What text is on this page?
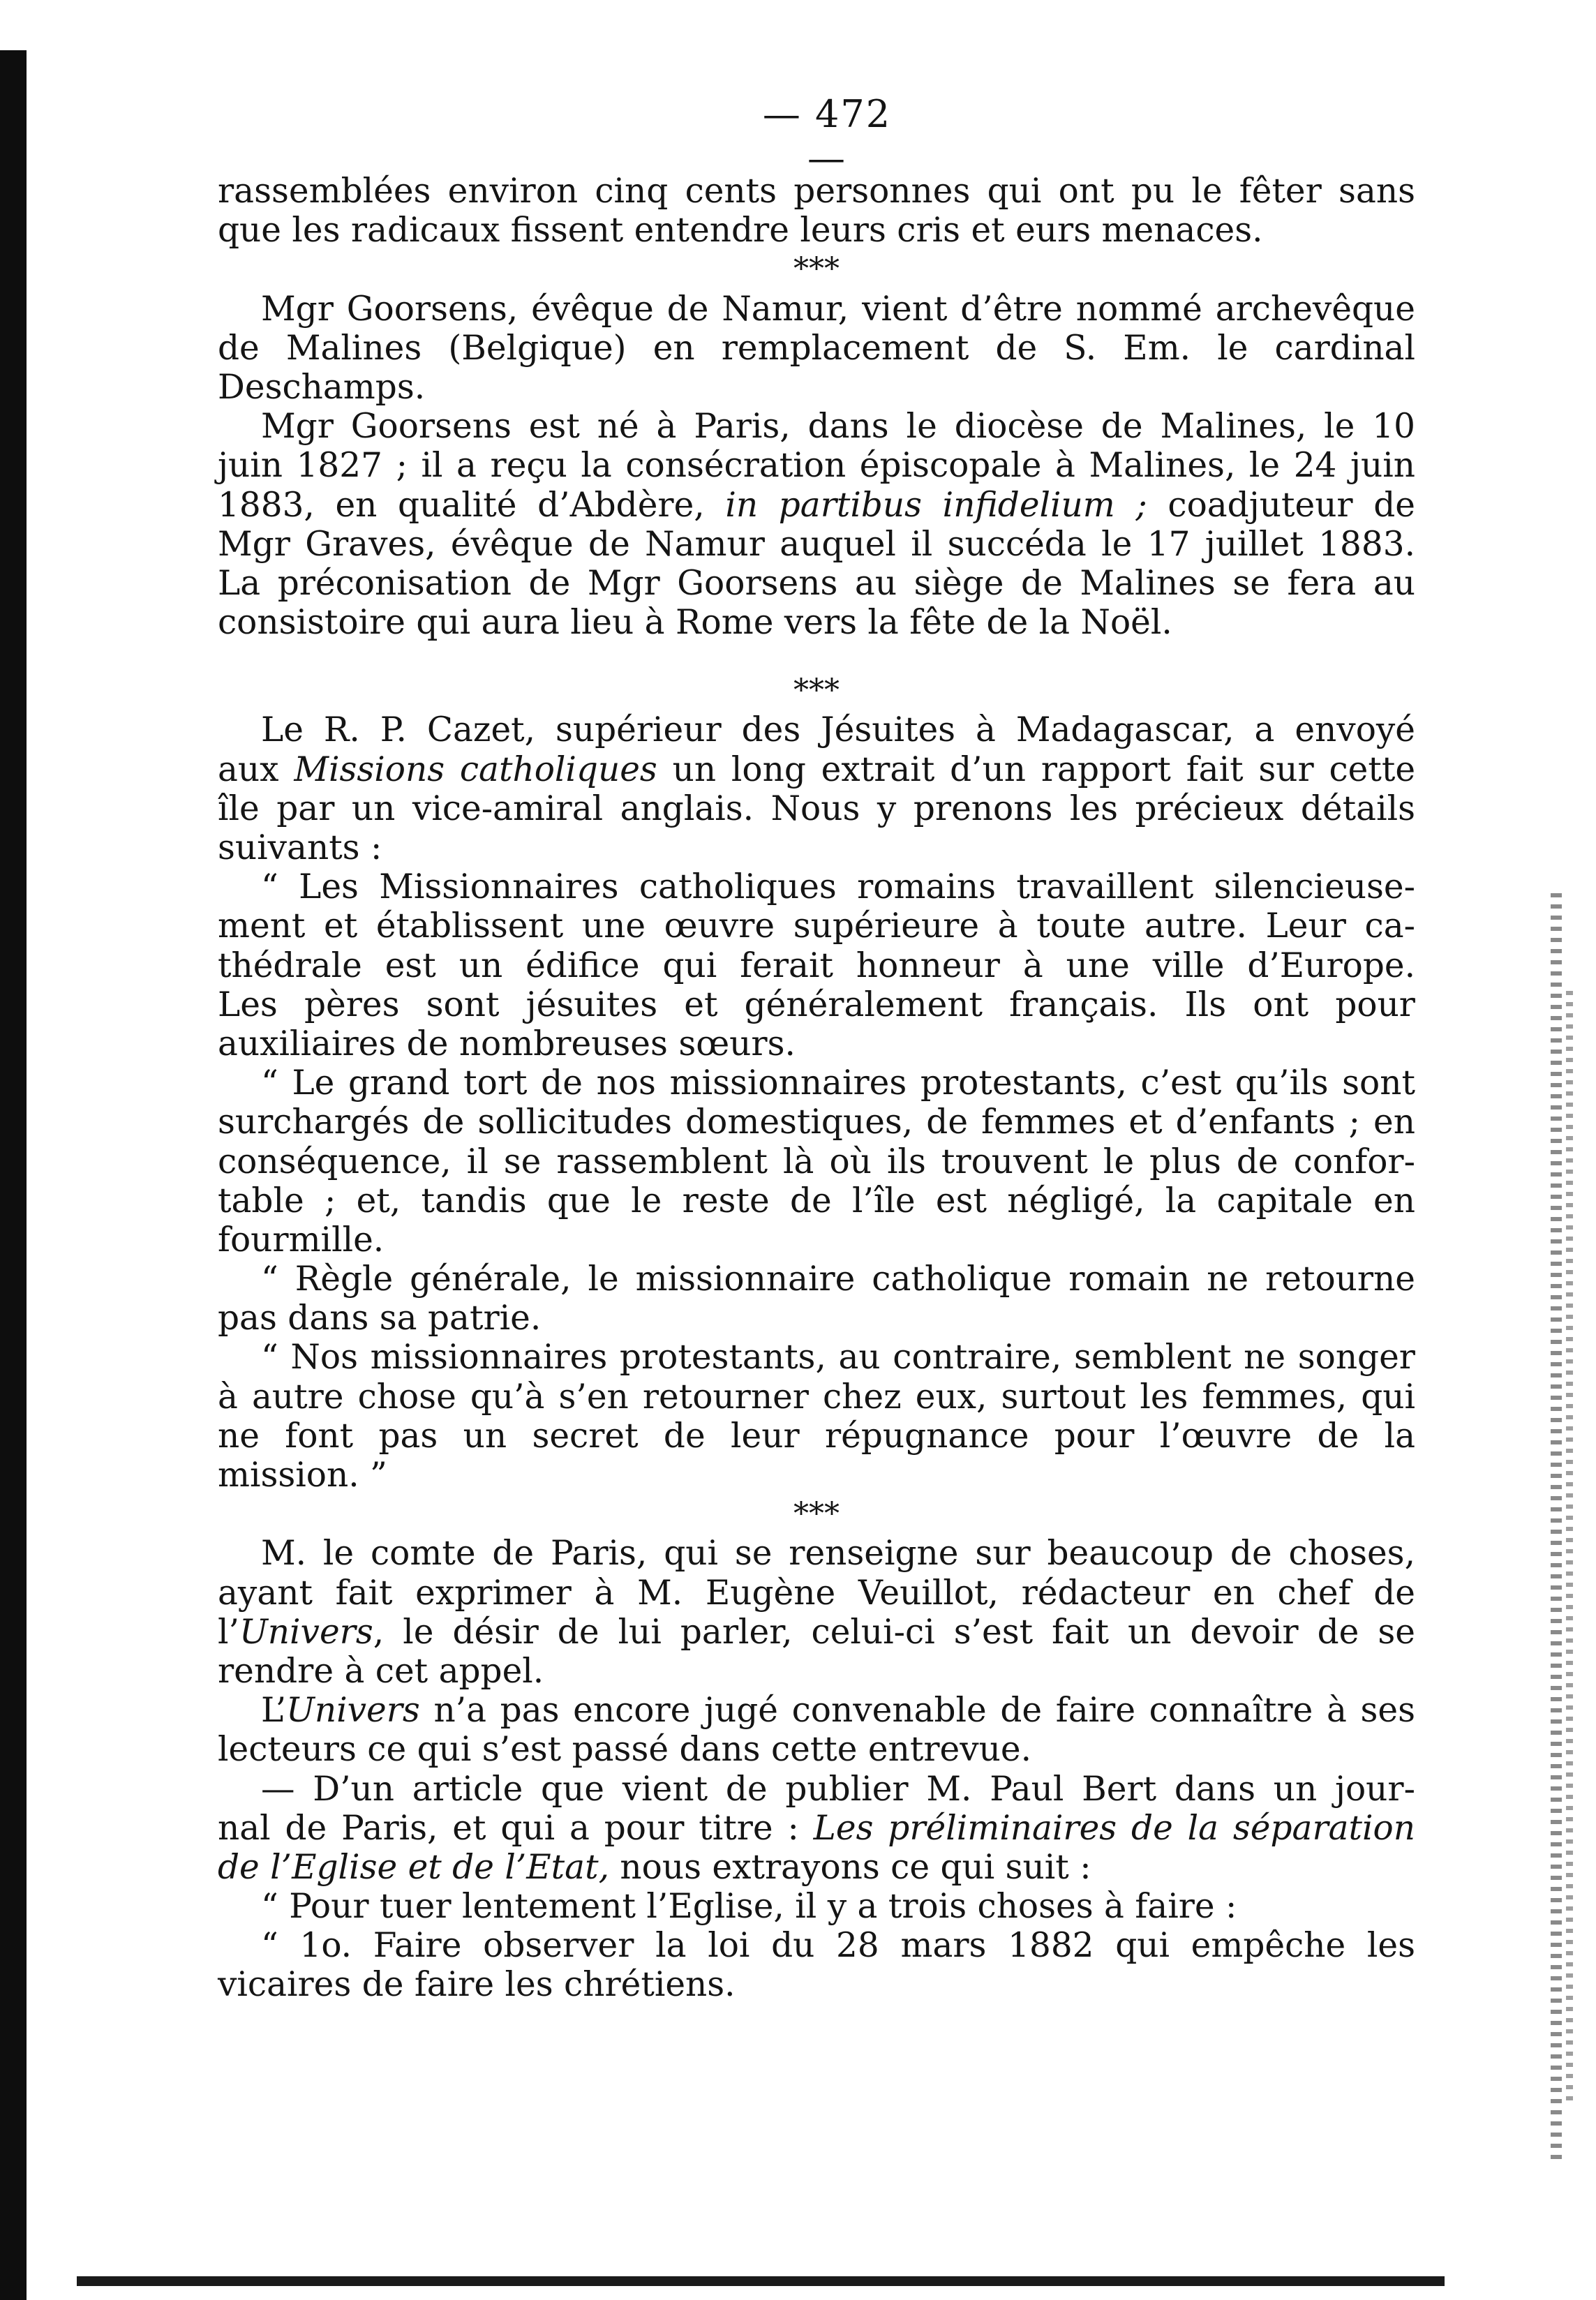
— 472 —
rassemblées environ cinq cents personnes qui ont pu le fêter sans
que les radicaux fissent entendre leurs cris et eurs menaces.
***
Mgr Goorsens, évêque de Namur, vient d’être nommé archevêque
de Malines (Belgique) en remplacement de S. Em. le cardinal
Deschamps.
Mgr Goorsens est né à Paris, dans le diocèse de Malines, le 10
juin 1827 ; il a reçu la consécration épiscopale à Malines, le 24 juin
1883, en qualité d’Abdère, in partibus infidelium ; coadjuteur de
Mgr Graves, évêque de Namur auquel il succéda le 17 juillet 1883.
La préconisation de Mgr Goorsens au siège de Malines se fera au
consistoire qui aura lieu à Rome vers la fête de la Noël.
***
Le R. P. Cazet, supérieur des Jésuites à Madagascar, a envoyé
aux Missions catholiques un long extrait d’un rapport fait sur cette
île par un vice-amiral anglais. Nous y prenons les précieux détails
suivants :
“ Les Missionnaires catholiques romains travaillent silencieuse-
ment et établissent une œuvre supérieure à toute autre. Leur ca-
thédrale est un édifice qui ferait honneur à une ville d’Europe.
Les pères sont jésuites et généralement français. Ils ont pour
auxiliaires de nombreuses sœurs.
“ Le grand tort de nos missionnaires protestants, c’est qu’ils sont
surchargés de sollicitudes domestiques, de femmes et d’enfants ; en
conséquence, il se rassemblent là où ils trouvent le plus de confor-
table ; et, tandis que le reste de l’île est négligé, la capitale en
fourmille.
“ Règle générale, le missionnaire catholique romain ne retourne
pas dans sa patrie.
“ Nos missionnaires protestants, au contraire, semblent ne songer
à autre chose qu’à s’en retourner chez eux, surtout les femmes, qui
ne font pas un secret de leur répugnance pour l’œuvre de la
mission. ”
***
M. le comte de Paris, qui se renseigne sur beaucoup de choses,
ayant fait exprimer à M. Eugène Veuillot, rédacteur en chef de
l’Univers, le désir de lui parler, celui-ci s’est fait un devoir de se
rendre à cet appel.
L’Univers n’a pas encore jugé convenable de faire connaître à ses
lecteurs ce qui s’est passé dans cette entrevue.
— D’un article que vient de publier M. Paul Bert dans un jour-
nal de Paris, et qui a pour titre : Les préliminaires de la séparation
de l’Eglise et de l’Etat, nous extrayons ce qui suit :
“ Pour tuer lentement l’Eglise, il y a trois choses à faire :
“ 1o. Faire observer la loi du 28 mars 1882 qui empêche les
vicaires de faire les chrétiens.
